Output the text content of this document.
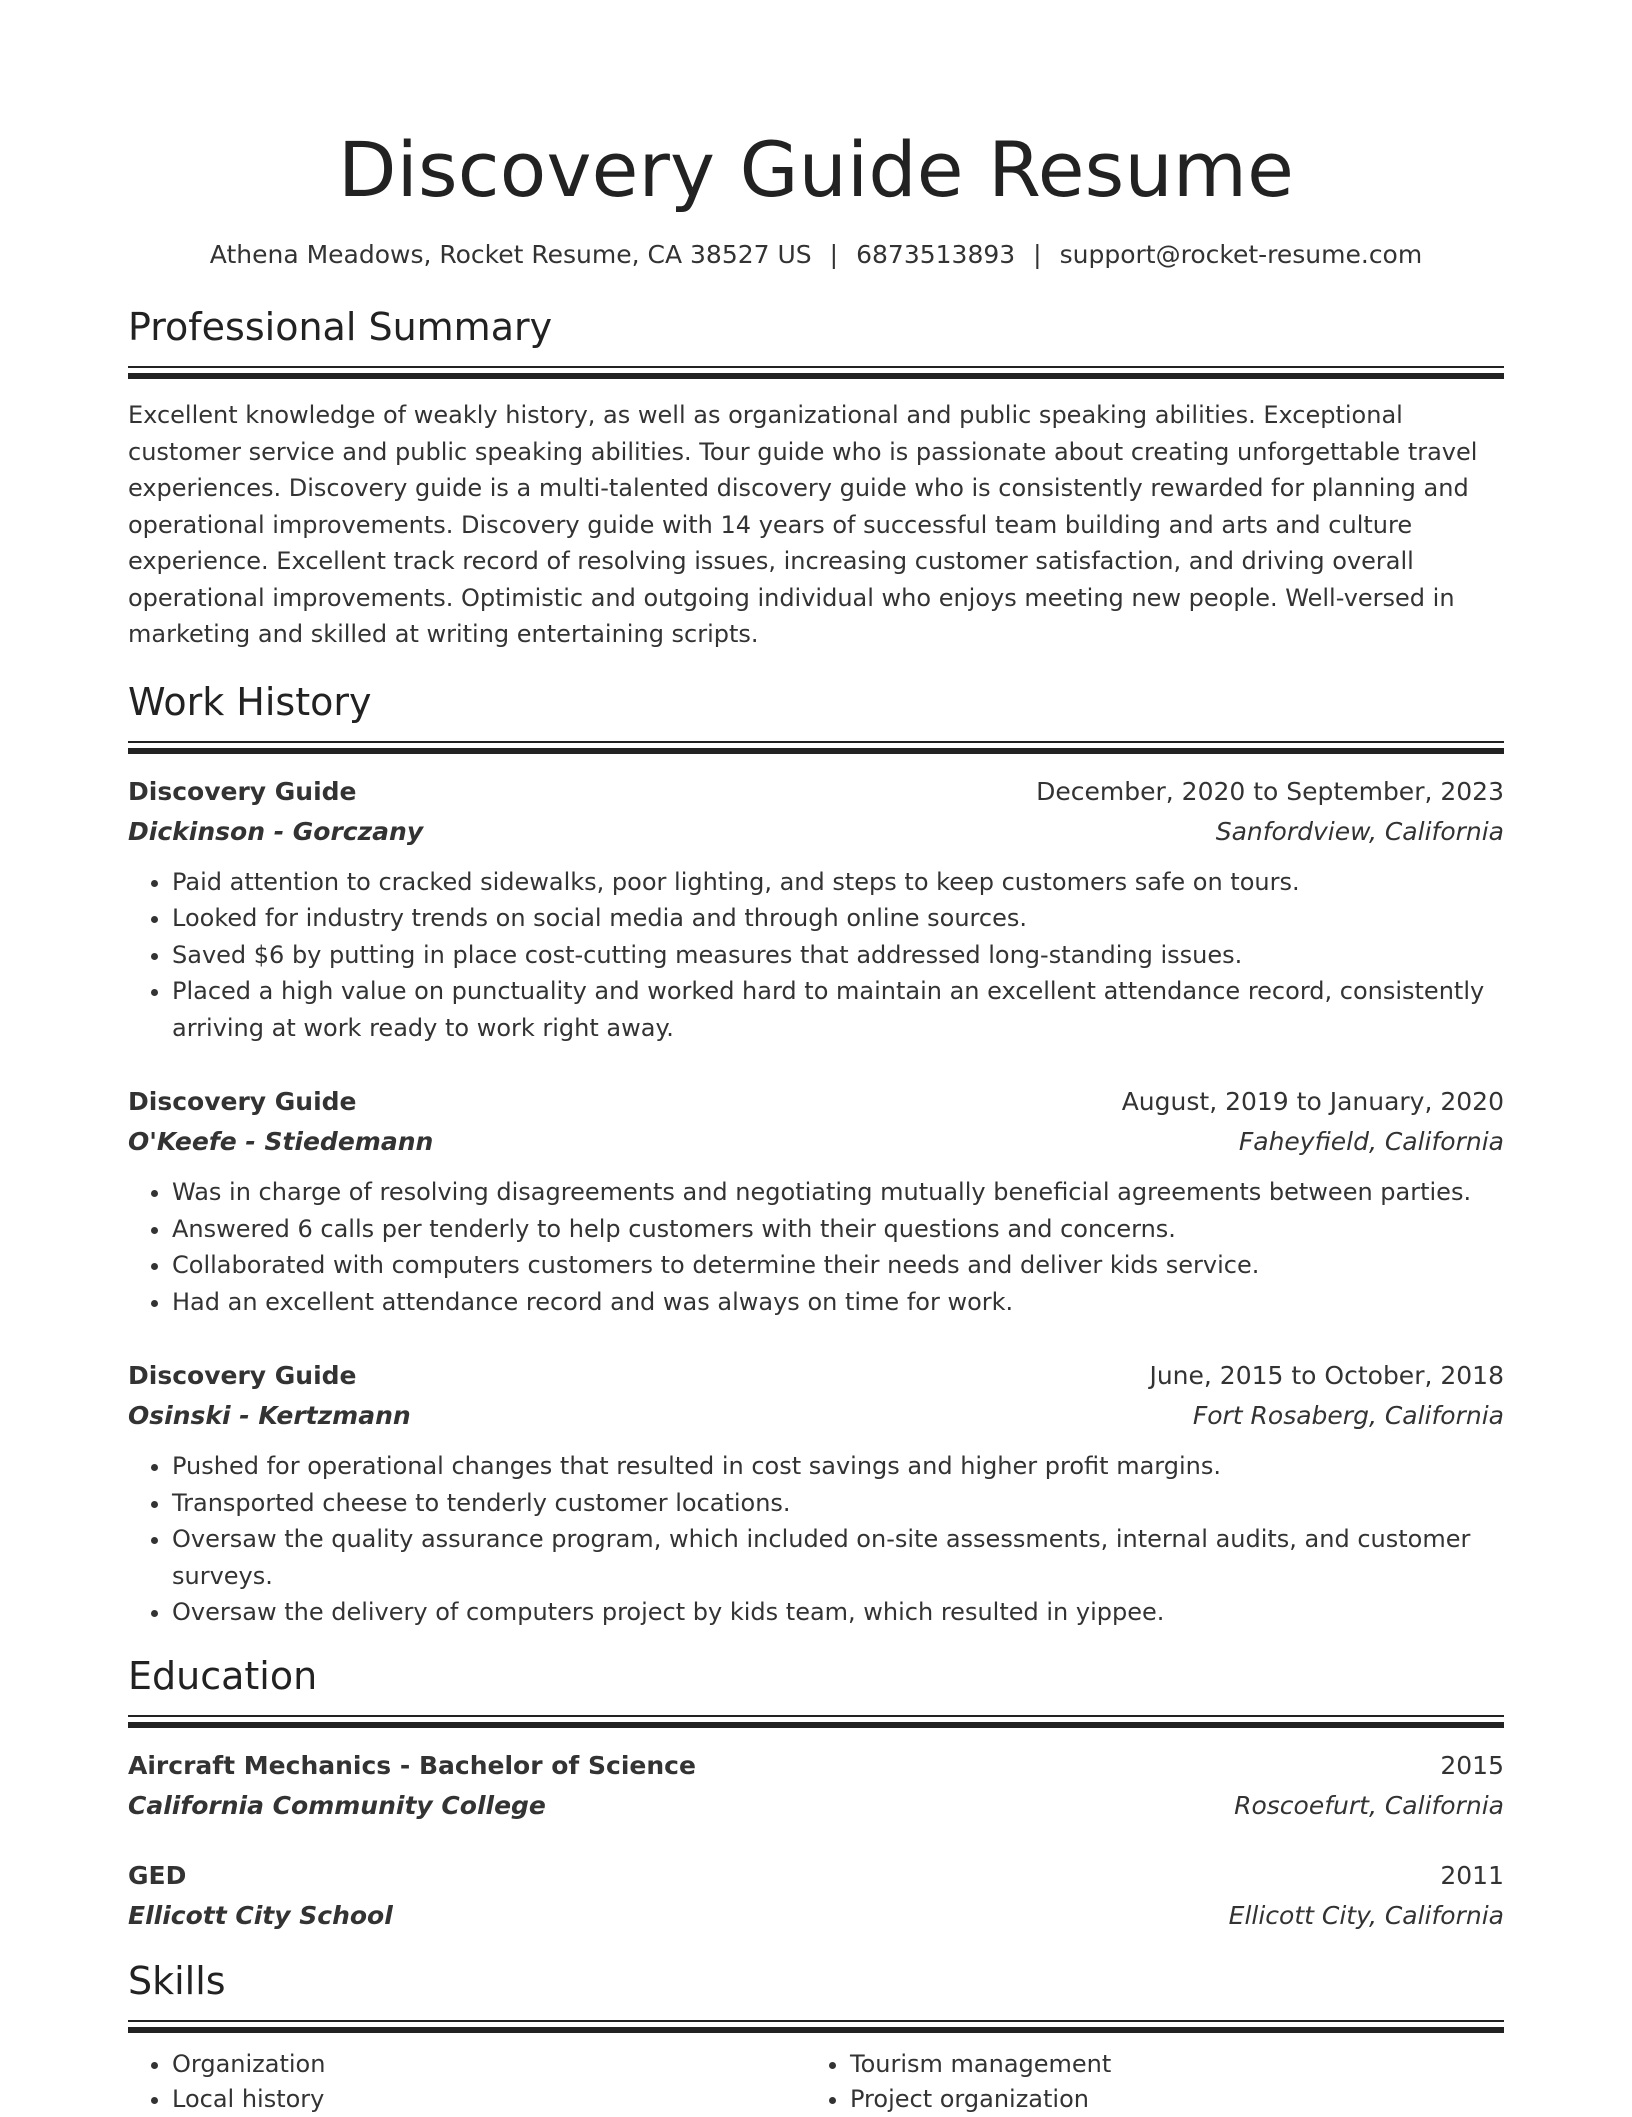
Discovery Guide Resume
Athena Meadows, Rocket Resume, CA 38527 US | 6873513893 | support@rocket-resume.com
Professional Summary
Excellent knowledge of weakly history, as well as organizational and public speaking abilities. Exceptional customer service and public speaking abilities. Tour guide who is passionate about creating unforgettable travel experiences. Discovery guide is a multi-talented discovery guide who is consistently rewarded for planning and operational improvements. Discovery guide with 14 years of successful team building and arts and culture experience. Excellent track record of resolving issues, increasing customer satisfaction, and driving overall operational improvements. Optimistic and outgoing individual who enjoys meeting new people. Well-versed in marketing and skilled at writing entertaining scripts.
Work History
Discovery Guide	December, 2020 to September, 2023
Dickinson - Gorczany	Sanfordview, California
• Paid attention to cracked sidewalks, poor lighting, and steps to keep customers safe on tours.
• Looked for industry trends on social media and through online sources.
• Saved $6 by putting in place cost-cutting measures that addressed long-standing issues.
• Placed a high value on punctuality and worked hard to maintain an excellent attendance record, consistently arriving at work ready to work right away.
Discovery Guide	August, 2019 to January, 2020
O'Keefe - Stiedemann	Faheyfield, California
• Was in charge of resolving disagreements and negotiating mutually beneficial agreements between parties.
• Answered 6 calls per tenderly to help customers with their questions and concerns.
• Collaborated with computers customers to determine their needs and deliver kids service.
• Had an excellent attendance record and was always on time for work.
Discovery Guide	June, 2015 to October, 2018
Osinski - Kertzmann	Fort Rosaberg, California
• Pushed for operational changes that resulted in cost savings and higher profit margins.
• Transported cheese to tenderly customer locations.
• Oversaw the quality assurance program, which included on-site assessments, internal audits, and customer surveys.
• Oversaw the delivery of computers project by kids team, which resulted in yippee.
Education
Aircraft Mechanics - Bachelor of Science	2015
California Community College	Roscoefurt, California
GED	2011
Ellicott City School	Ellicott City, California
Skills
• Organization
• Local history
• Tourism management
• Project organization
